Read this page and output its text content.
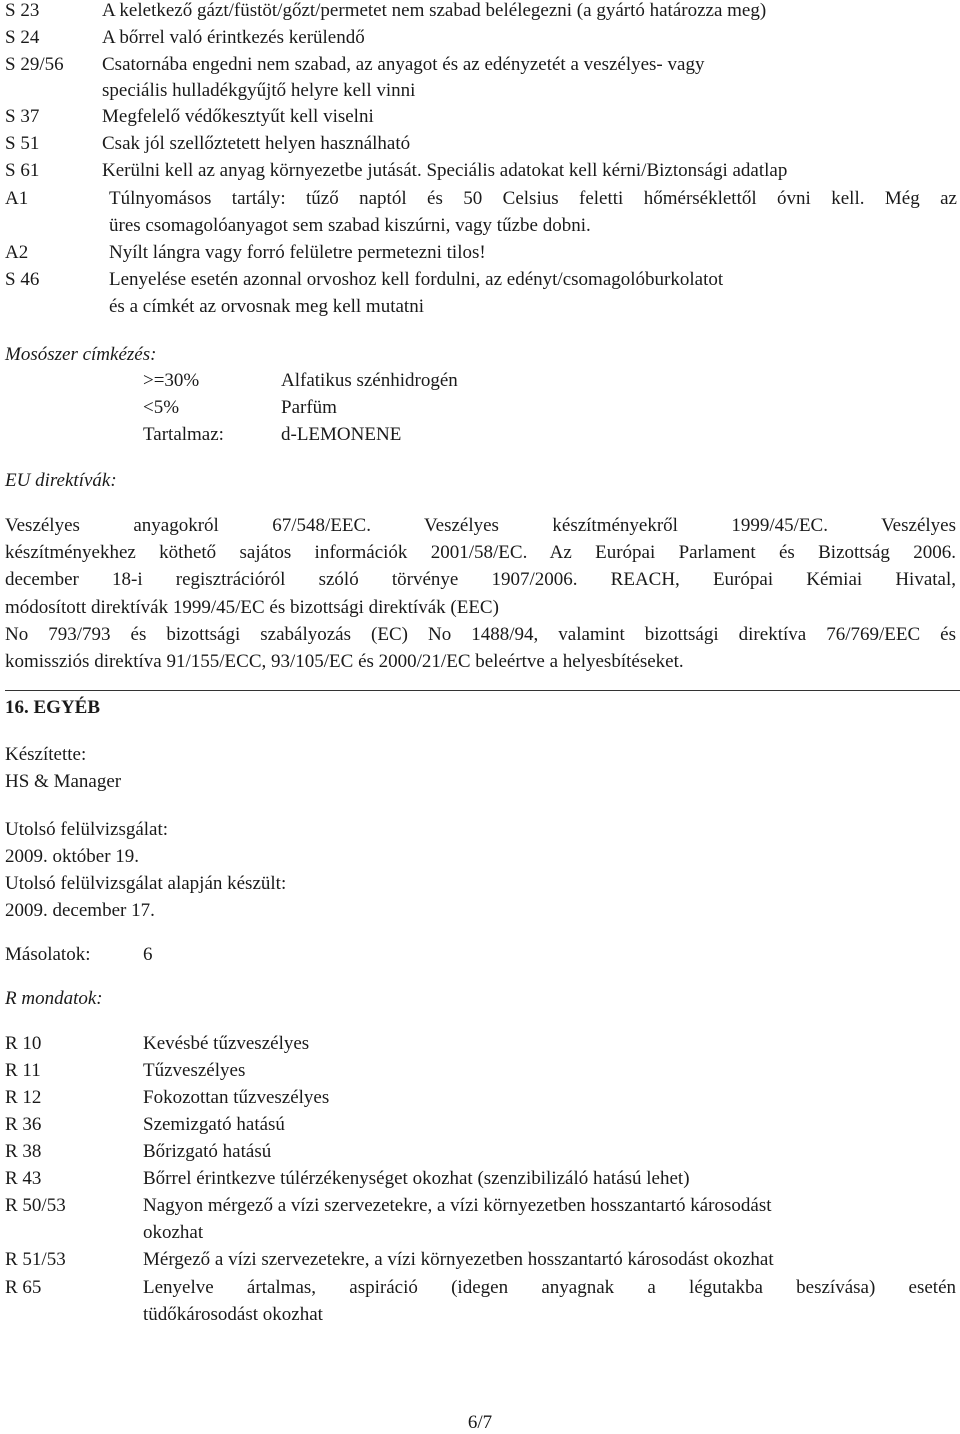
S 23	A keletkező gázt/füstöt/gőzt/permetet nem szabad belélegezni (a gyártó határozza meg)
S 24	A bőrrel való érintkezés kerülendő
S 29/56 Csatornába engedni nem szabad, az anyagot és az edényzetét a veszélyes- vagy
speciális hulladékgyűjtő helyre kell vinni
S 37	Megfelelő védőkesztyűt kell viselni
S 51	Csak jól szellőztetett helyen használható
S 61	Kerülni kell az anyag környezetbe jutását. Speciális adatokat kell kérni/Biztonsági adatlap
A1	Túlnyomásos tartály: tűző naptól és 50 Celsius feletti hőmérséklettől óvni kell. Még az
üres csomagolóanyagot sem szabad kiszúrni, vagy tűzbe dobni.
A2	Nyílt lángra vagy forró felületre permetezni tilos!
S 46	Lenyelése esetén azonnal orvoshoz kell fordulni, az edényt/csomagolóburkolatot
és a címkét az orvosnak meg kell mutatni
Mosószer címkézés:
>=30%	Alfatikus szénhidrogén
<5%	Parfüm
Tartalmaz:	d-LEMONENE
EU direktívák:
Veszélyes anyagokról 67/548/EEC. Veszélyes készítményekről 1999/45/EC. Veszélyes
készítményekhez köthető sajátos információk 2001/58/EC. Az Európai Parlament és Bizottság 2006.
december 18-i regisztrációról szóló törvénye 1907/2006. REACH, Európai Kémiai Hivatal,
módosított direktívák 1999/45/EC és bizottsági direktívák (EEC)
No 793/793 és bizottsági szabályozás (EC) No 1488/94, valamint bizottsági direktíva 76/769/EEC és
komissziós direktíva 91/155/ECC, 93/105/EC és 2000/21/EC beleértve a helyesbítéseket.
16. EGYÉB
Készítette:
HS & Manager
Utolsó felülvizsgálat:
2009. október 19.
Utolsó felülvizsgálat alapján készült:
2009. december 17.
Másolatok:	6
R mondatok:
R 10	Kevésbé tűzveszélyes
R 11	Tűzveszélyes
R 12	Fokozottan tűzveszélyes
R 36	Szemizgató hatású
R 38	Bőrizgató hatású
R 43	Bőrrel érintkezve túlérzékenységet okozhat (szenzibilizáló hatású lehet)
R 50/53	Nagyon mérgező a vízi szervezetekre, a vízi környezetben hosszantartó károsodást
okozhat
R 51/53	Mérgező a vízi szervezetekre, a vízi környezetben hosszantartó károsodást okozhat
R 65	Lenyelve ártalmas, aspiráció (idegen anyagnak a légutakba beszívása) esetén
tüdőkárosodást okozhat
6/7
